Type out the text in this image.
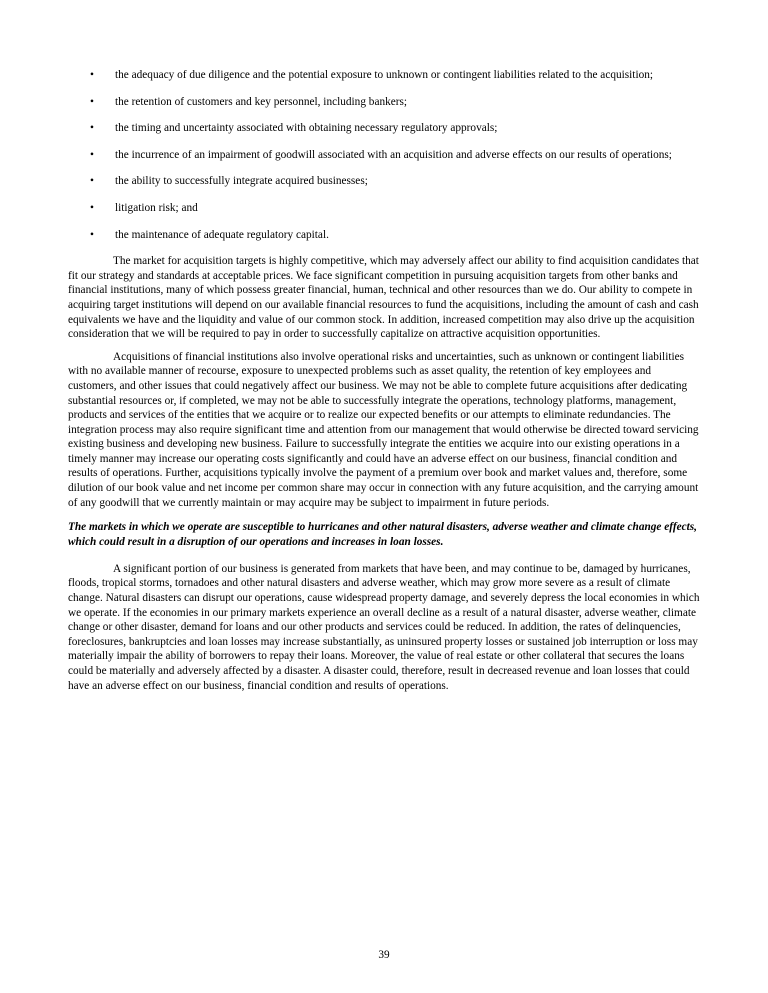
• the adequacy of due diligence and the potential exposure to unknown or contingent liabilities related to the acquisition;
• the retention of customers and key personnel, including bankers;
• the timing and uncertainty associated with obtaining necessary regulatory approvals;
• the incurrence of an impairment of goodwill associated with an acquisition and adverse effects on our results of operations;
• the ability to successfully integrate acquired businesses;
• litigation risk; and
• the maintenance of adequate regulatory capital.

The market for acquisition targets is highly competitive, which may adversely affect our ability to find acquisition candidates that fit our strategy and standards at acceptable prices. We face significant competition in pursuing acquisition targets from other banks and financial institutions, many of which possess greater financial, human, technical and other resources than we do. Our ability to compete in acquiring target institutions will depend on our available financial resources to fund the acquisitions, including the amount of cash and cash equivalents we have and the liquidity and value of our common stock. In addition, increased competition may also drive up the acquisition consideration that we will be required to pay in order to successfully capitalize on attractive acquisition opportunities.

Acquisitions of financial institutions also involve operational risks and uncertainties, such as unknown or contingent liabilities with no available manner of recourse, exposure to unexpected problems such as asset quality, the retention of key employees and customers, and other issues that could negatively affect our business. We may not be able to complete future acquisitions after dedicating substantial resources or, if completed, we may not be able to successfully integrate the operations, technology platforms, management, products and services of the entities that we acquire or to realize our expected benefits or our attempts to eliminate redundancies. The integration process may also require significant time and attention from our management that would otherwise be directed toward servicing existing business and developing new business. Failure to successfully integrate the entities we acquire into our existing operations in a timely manner may increase our operating costs significantly and could have an adverse effect on our business, financial condition and results of operations. Further, acquisitions typically involve the payment of a premium over book and market values and, therefore, some dilution of our book value and net income per common share may occur in connection with any future acquisition, and the carrying amount of any goodwill that we currently maintain or may acquire may be subject to impairment in future periods.

The markets in which we operate are susceptible to hurricanes and other natural disasters, adverse weather and climate change effects, which could result in a disruption of our operations and increases in loan losses.

A significant portion of our business is generated from markets that have been, and may continue to be, damaged by hurricanes, floods, tropical storms, tornadoes and other natural disasters and adverse weather, which may grow more severe as a result of climate change. Natural disasters can disrupt our operations, cause widespread property damage, and severely depress the local economies in which we operate. If the economies in our primary markets experience an overall decline as a result of a natural disaster, adverse weather, climate change or other disaster, demand for loans and our other products and services could be reduced. In addition, the rates of delinquencies, foreclosures, bankruptcies and loan losses may increase substantially, as uninsured property losses or sustained job interruption or loss may materially impair the ability of borrowers to repay their loans. Moreover, the value of real estate or other collateral that secures the loans could be materially and adversely affected by a disaster. A disaster could, therefore, result in decreased revenue and loan losses that could have an adverse effect on our business, financial condition and results of operations.

39
